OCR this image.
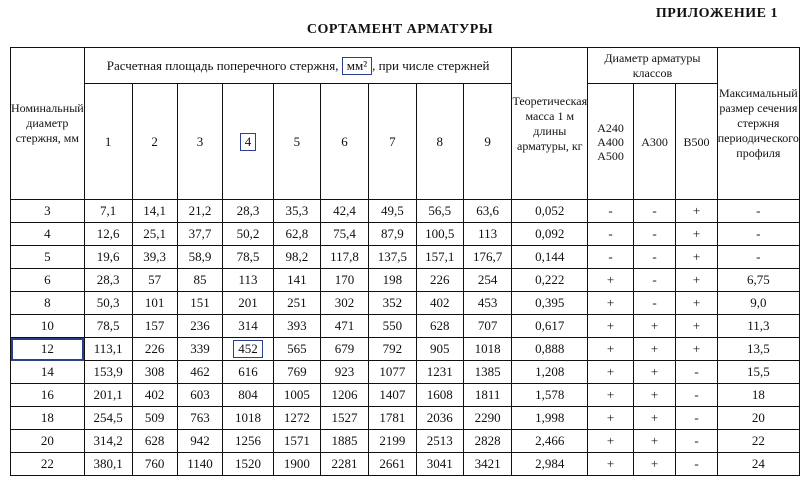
ПРИЛОЖЕНИЕ 1
СОРТАМЕНТ АРМАТУРЫ
Номинальный диаметр стержня, мм	Расчетная площадь поперечного стержня, мм² , при числе стержней									Теоретическая масса 1 м длины арматуры, кг	Диаметр арматуры классов			Максимальный размер сечения стержня периодического профиля
	1	2	3	4	5	6	7	8	9		А240 А400 А500	А300	В500	
3	7,1	14,1	21,2	28,3	35,3	42,4	49,5	56,5	63,6	0,052	-	-	+	-
4	12,6	25,1	37,7	50,2	62,8	75,4	87,9	100,5	113	0,092	-	-	+	-
5	19,6	39,3	58,9	78,5	98,2	117,8	137,5	157,1	176,7	0,144	-	-	+	-
6	28,3	57	85	113	141	170	198	226	254	0,222	+	-	+	6,75
8	50,3	101	151	201	251	302	352	402	453	0,395	+	-	+	9,0
10	78,5	157	236	314	393	471	550	628	707	0,617	+	+	+	11,3
12	113,1	226	339	452	565	679	792	905	1018	0,888	+	+	+	13,5
14	153,9	308	462	616	769	923	1077	1231	1385	1,208	+	+	-	15,5
16	201,1	402	603	804	1005	1206	1407	1608	1811	1,578	+	+	-	18
18	254,5	509	763	1018	1272	1527	1781	2036	2290	1,998	+	+	-	20
20	314,2	628	942	1256	1571	1885	2199	2513	2828	2,466	+	+	-	22
22	380,1	760	1140	1520	1900	2281	2661	3041	3421	2,984	+	+	-	24
